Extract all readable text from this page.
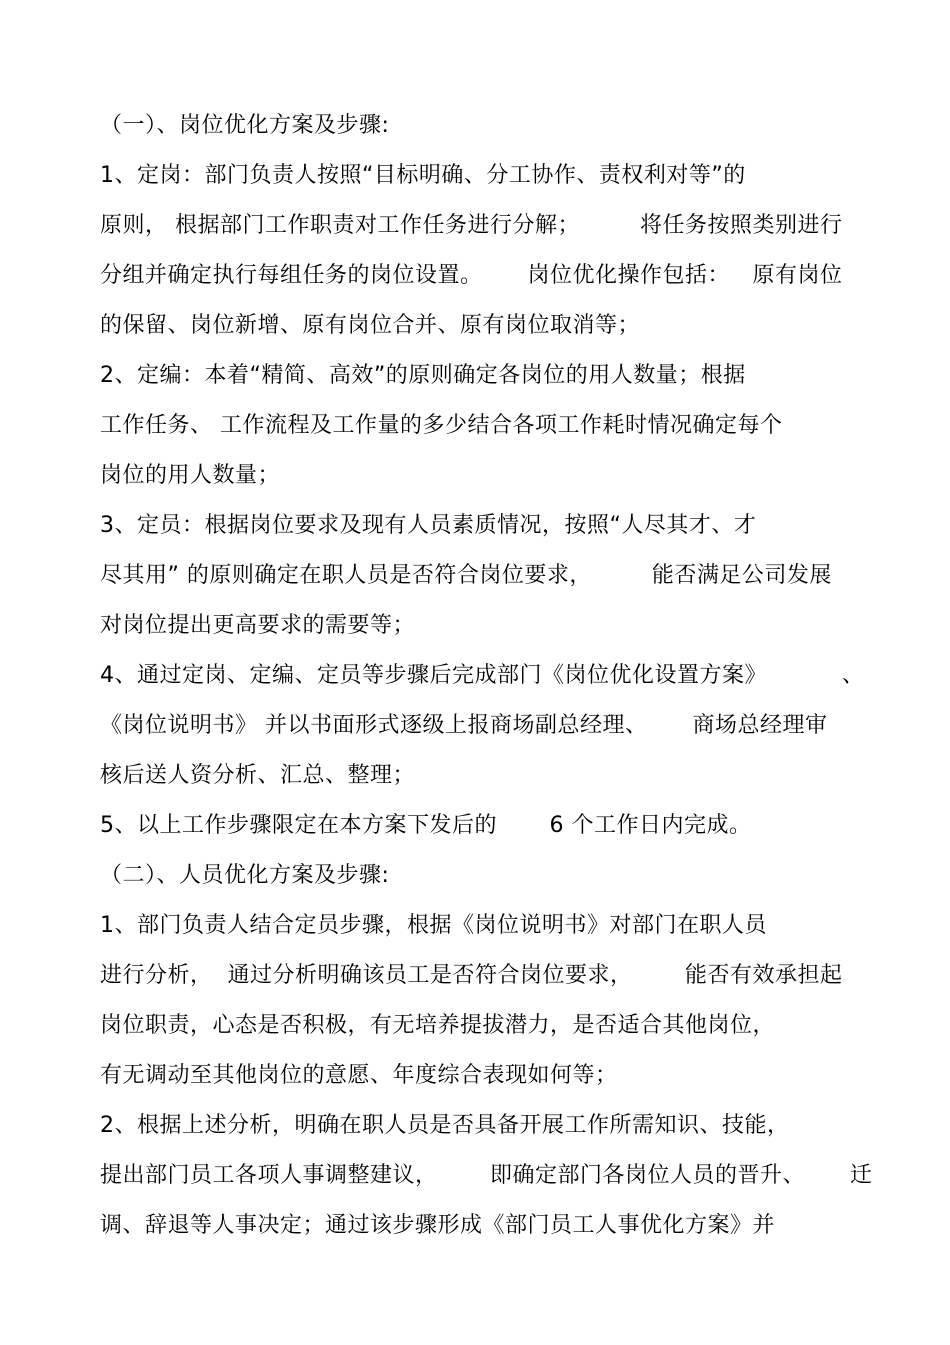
（一）、岗位优化方案及步骤:
1、定岗：部门负责人按照“目标明确、分工协作、责权利对等”的
原则， 根据部门工作职责对工作任务进行分解；        将任务按照类别进行
分组并确定执行每组任务的岗位设置。      岗位优化操作包括：   原有岗位
的保留、岗位新增、原有岗位合并、原有岗位取消等；
2、定编：本着“精简、高效”的原则确定各岗位的用人数量；根据
工作任务、 工作流程及工作量的多少结合各项工作耗时情况确定每个
岗位的用人数量；
3、定员：根据岗位要求及现有人员素质情况，按照“人尽其才、才
尽其用” 的原则确定在职人员是否符合岗位要求，        能否满足公司发展
对岗位提出更高要求的需要等；
4、通过定岗、定编、定员等步骤后完成部门《岗位优化设置方案》          、
《岗位说明书》 并以书面形式逐级上报商场副总经理、      商场总经理审
核后送人资分析、汇总、整理；
5、以上工作步骤限定在本方案下发后的       6 个工作日内完成。
（二）、人员优化方案及步骤:
1、部门负责人结合定员步骤，根据《岗位说明书》对部门在职人员
进行分析，  通过分析明确该员工是否符合岗位要求，       能否有效承担起
岗位职责，心态是否积极，有无培养提拔潜力，是否适合其他岗位，
有无调动至其他岗位的意愿、年度综合表现如何等；
2、根据上述分析，明确在职人员是否具备开展工作所需知识、技能，
提出部门员工各项人事调整建议，       即确定部门各岗位人员的晋升、      迁
调、辞退等人事决定；通过该步骤形成《部门员工人事优化方案》并
